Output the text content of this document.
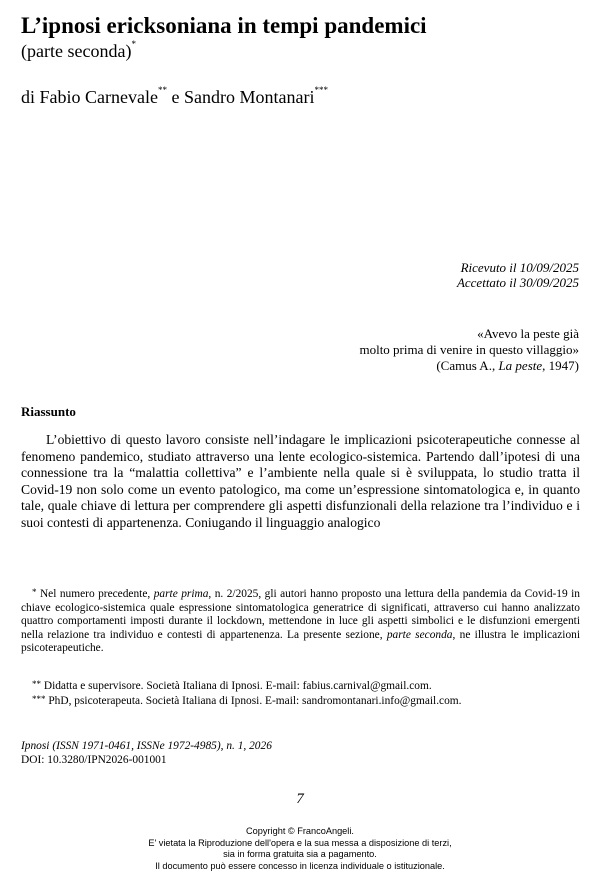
L’ipnosi ericksoniana in tempi pandemici
(parte seconda)*
di Fabio Carnevale** e Sandro Montanari***
Ricevuto il 10/09/2025
Accettato il 30/09/2025
«Avevo la peste già
molto prima di venire in questo villaggio»
(Camus A., La peste, 1947)
Riassunto

L’obiettivo di questo lavoro consiste nell’indagare le implicazioni psicoterapeutiche connesse al fenomeno pandemico, studiato attraverso una lente ecologico-sistemica. Partendo dall’ipotesi di una connessione tra la “malattia collettiva” e l’ambiente nella quale si è sviluppata, lo studio tratta il Covid-19 non solo come un evento patologico, ma come un’espressione sintomatologica e, in quanto tale, quale chiave di lettura per comprendere gli aspetti disfunzionali della relazione tra l’individuo e i suoi contesti di appartenenza. Coniugando il linguaggio analogico

* Nel numero precedente, parte prima, n. 2/2025, gli autori hanno proposto una lettura della pandemia da Covid-19 in chiave ecologico-sistemica quale espressione sintomatologica generatrice di significati, attraverso cui hanno analizzato quattro comportamenti imposti durante il lockdown, mettendone in luce gli aspetti simbolici e le disfunzioni emergenti nella relazione tra individuo e contesti di appartenenza. La presente sezione, parte seconda, ne illustra le implicazioni psicoterapeutiche.

** Didatta e supervisore. Società Italiana di Ipnosi. E-mail: fabius.carnival@gmail.com.

*** PhD, psicoterapeuta. Società Italiana di Ipnosi. E-mail: sandromontanari.info@gmail.com.

Ipnosi (ISSN 1971-0461, ISSNe 1972-4985), n. 1, 2026
DOI: 10.3280/IPN2026-001001
7
Copyright © FrancoAngeli.
E' vietata la Riproduzione dell'opera e la sua messa a disposizione di terzi,
sia in forma gratuita sia a pagamento.
Il documento può essere concesso in licenza individuale o istituzionale.
